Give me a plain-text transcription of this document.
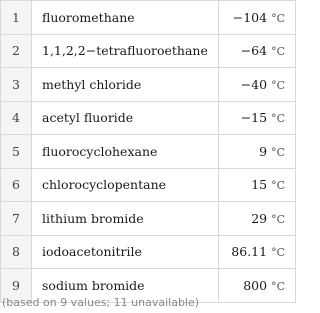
1	fluoromethane	−104 °C
2	1,1,2,2−tetrafluoroethane	−64 °C
3	methyl chloride	−40 °C
4	acetyl fluoride	−15 °C
5	fluorocyclohexane	9 °C
6	chlorocyclopentane	15 °C
7	lithium bromide	29 °C
8	iodoacetonitrile	86.11 °C
9	sodium bromide	800 °C
(based on 9 values; 11 unavailable)
